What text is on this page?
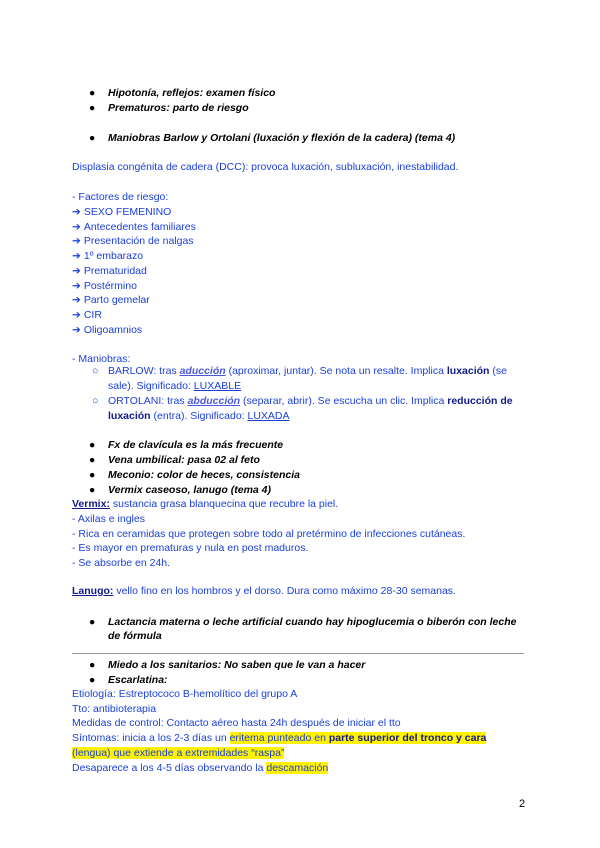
● Hipotonía, reflejos: examen físico
● Prematuros: parto de riesgo
● Maniobras Barlow y Ortolani (luxación y flexión de la cadera) (tema 4)
Displasia congénita de cadera (DCC): provoca luxación, subluxación, inestabilidad.
- Factores de riesgo:
➔ SEXO FEMENINO
➔ Antecedentes familiares
➔ Presentación de nalgas
➔ 1º embarazo
➔ Prematuridad
➔ Postérmino
➔ Parto gemelar
➔ CIR
➔ Oligoamnios
- Maniobras:
○ BARLOW: tras aducción (aproximar, juntar). Se nota un resalte. Implica luxación (se sale). Significado: LUXABLE
○ ORTOLANI: tras abducción (separar, abrir). Se escucha un clic. Implica reducción de luxación (entra). Significado: LUXADA
● Fx de clavícula es la más frecuente
● Vena umbilical: pasa 02 al feto
● Meconio: color de heces, consistencia
● Vermix caseoso, lanugo (tema 4)
Vermix: sustancia grasa blanquecina que recubre la piel.
- Axilas e ingles
- Rica en ceramidas que protegen sobre todo al pretérmino de infecciones cutáneas.
- Es mayor en prematuras y nula en post maduros.
- Se absorbe en 24h.
Lanugo: vello fino en los hombros y el dorso. Dura como máximo 28-30 semanas.
● Lactancia materna o leche artificial cuando hay hipoglucemia o biberón con leche de fórmula
● Miedo a los sanitarios: No saben que le van a hacer
● Escarlatina:
Etiología: Estreptococo B-hemolítico del grupo A
Tto: antibioterapia
Medidas de control: Contacto aéreo hasta 24h después de iniciar el tto
Síntomas: inicia a los 2-3 días un eritema punteado en parte superior del tronco y cara
(lengua) que extiende a extremidades “raspa”
Desaparece a los 4-5 días observando la descamación
2
